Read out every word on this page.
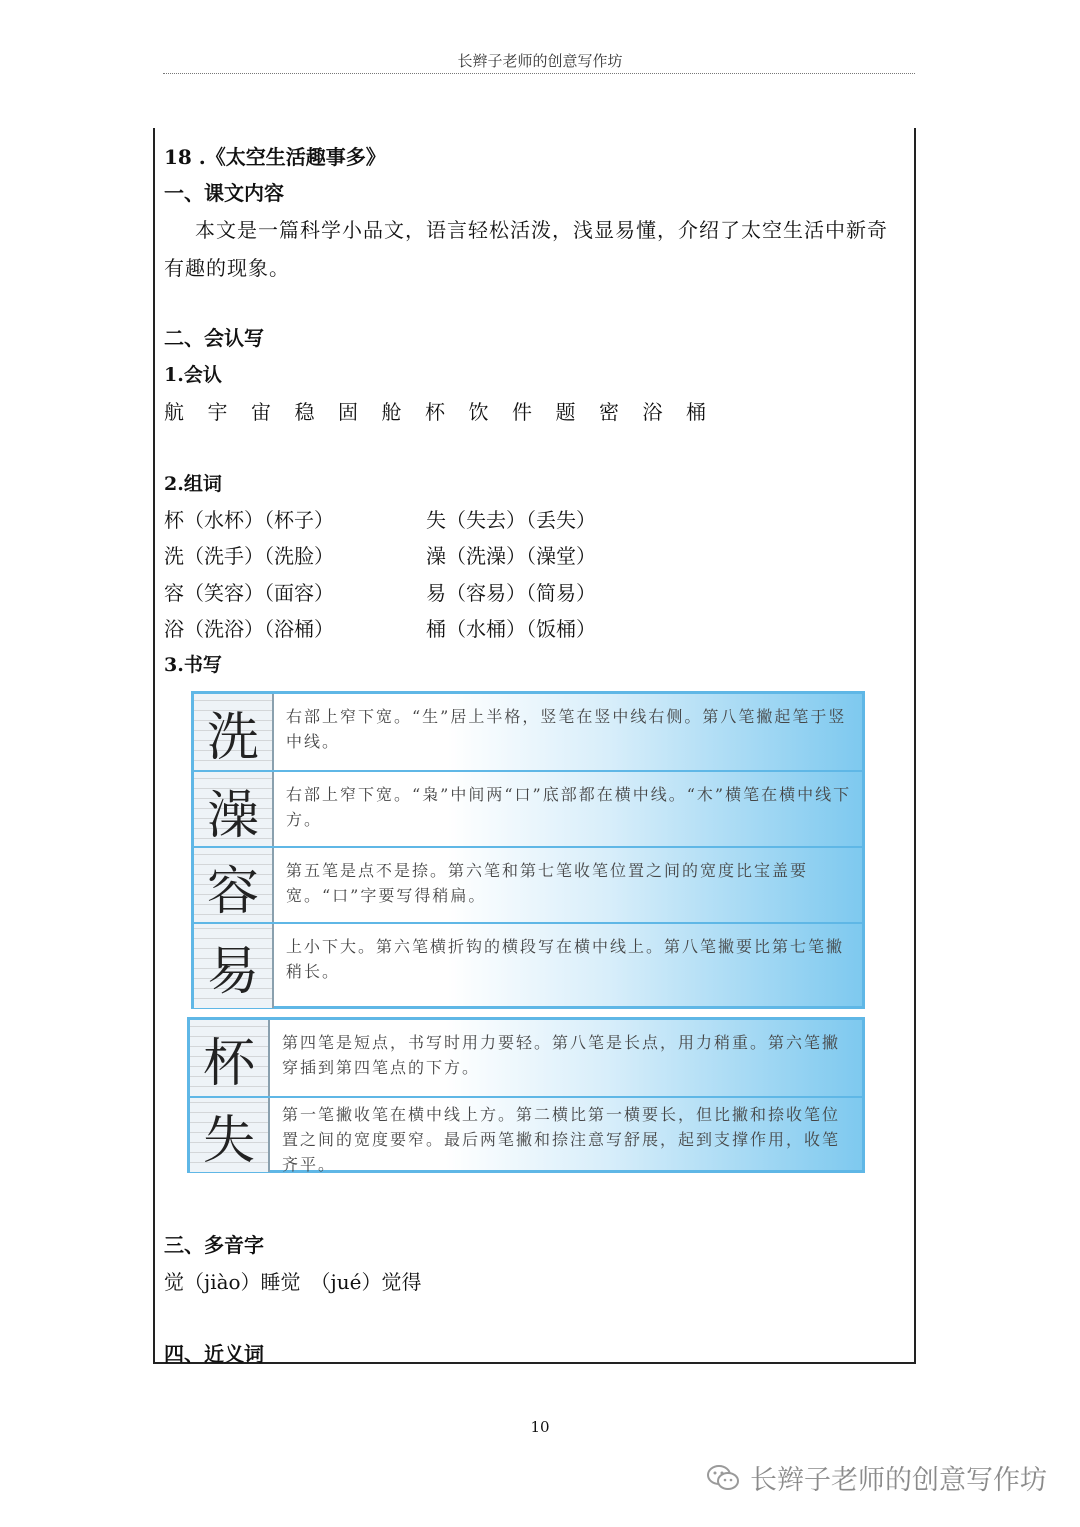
长辫子老师的创意写作坊
18 .《太空生活趣事多》
一、课文内容
本文是一篇科学小品文，语言轻松活泼，浅显易懂，介绍了太空生活中新奇
有趣的现象。
二、会认写
1.会认
航 宇 宙 稳 固 舱 杯 饮 件 题 密 浴 桶
2.组词
杯（水杯）（杯子）	失（失去）（丢失）
洗（洗手）（洗脸）	澡（洗澡）（澡堂）
容（笑容）（面容）	易（容易）（简易）
浴（洗浴）（浴桶）	桶（水桶）（饭桶）
3.书写
洗	右部上窄下宽。“生”居上半格，竖笔在竖中线右侧。第八笔撇起笔于竖中线。
澡	右部上窄下宽。“枭”中间两“口”底部都在横中线。“木”横笔在横中线下方。
容	第五笔是点不是捺。第六笔和第七笔收笔位置之间的宽度比宝盖要宽。“口”字要写得稍扁。
易	上小下大。第六笔横折钩的横段写在横中线上。第八笔撇要比第七笔撇稍长。
杯	第四笔是短点，书写时用力要轻。第八笔是长点，用力稍重。第六笔撇穿插到第四笔点的下方。
失	第一笔撇收笔在横中线上方。第二横比第一横要长，但比撇和捺收笔位置之间的宽度要窄。最后两笔撇和捺注意写舒展，起到支撑作用，收笔齐平。
三、多音字
觉（jiào）睡觉　（jué）觉得
四、近义词
10
长辫子老师的创意写作坊
